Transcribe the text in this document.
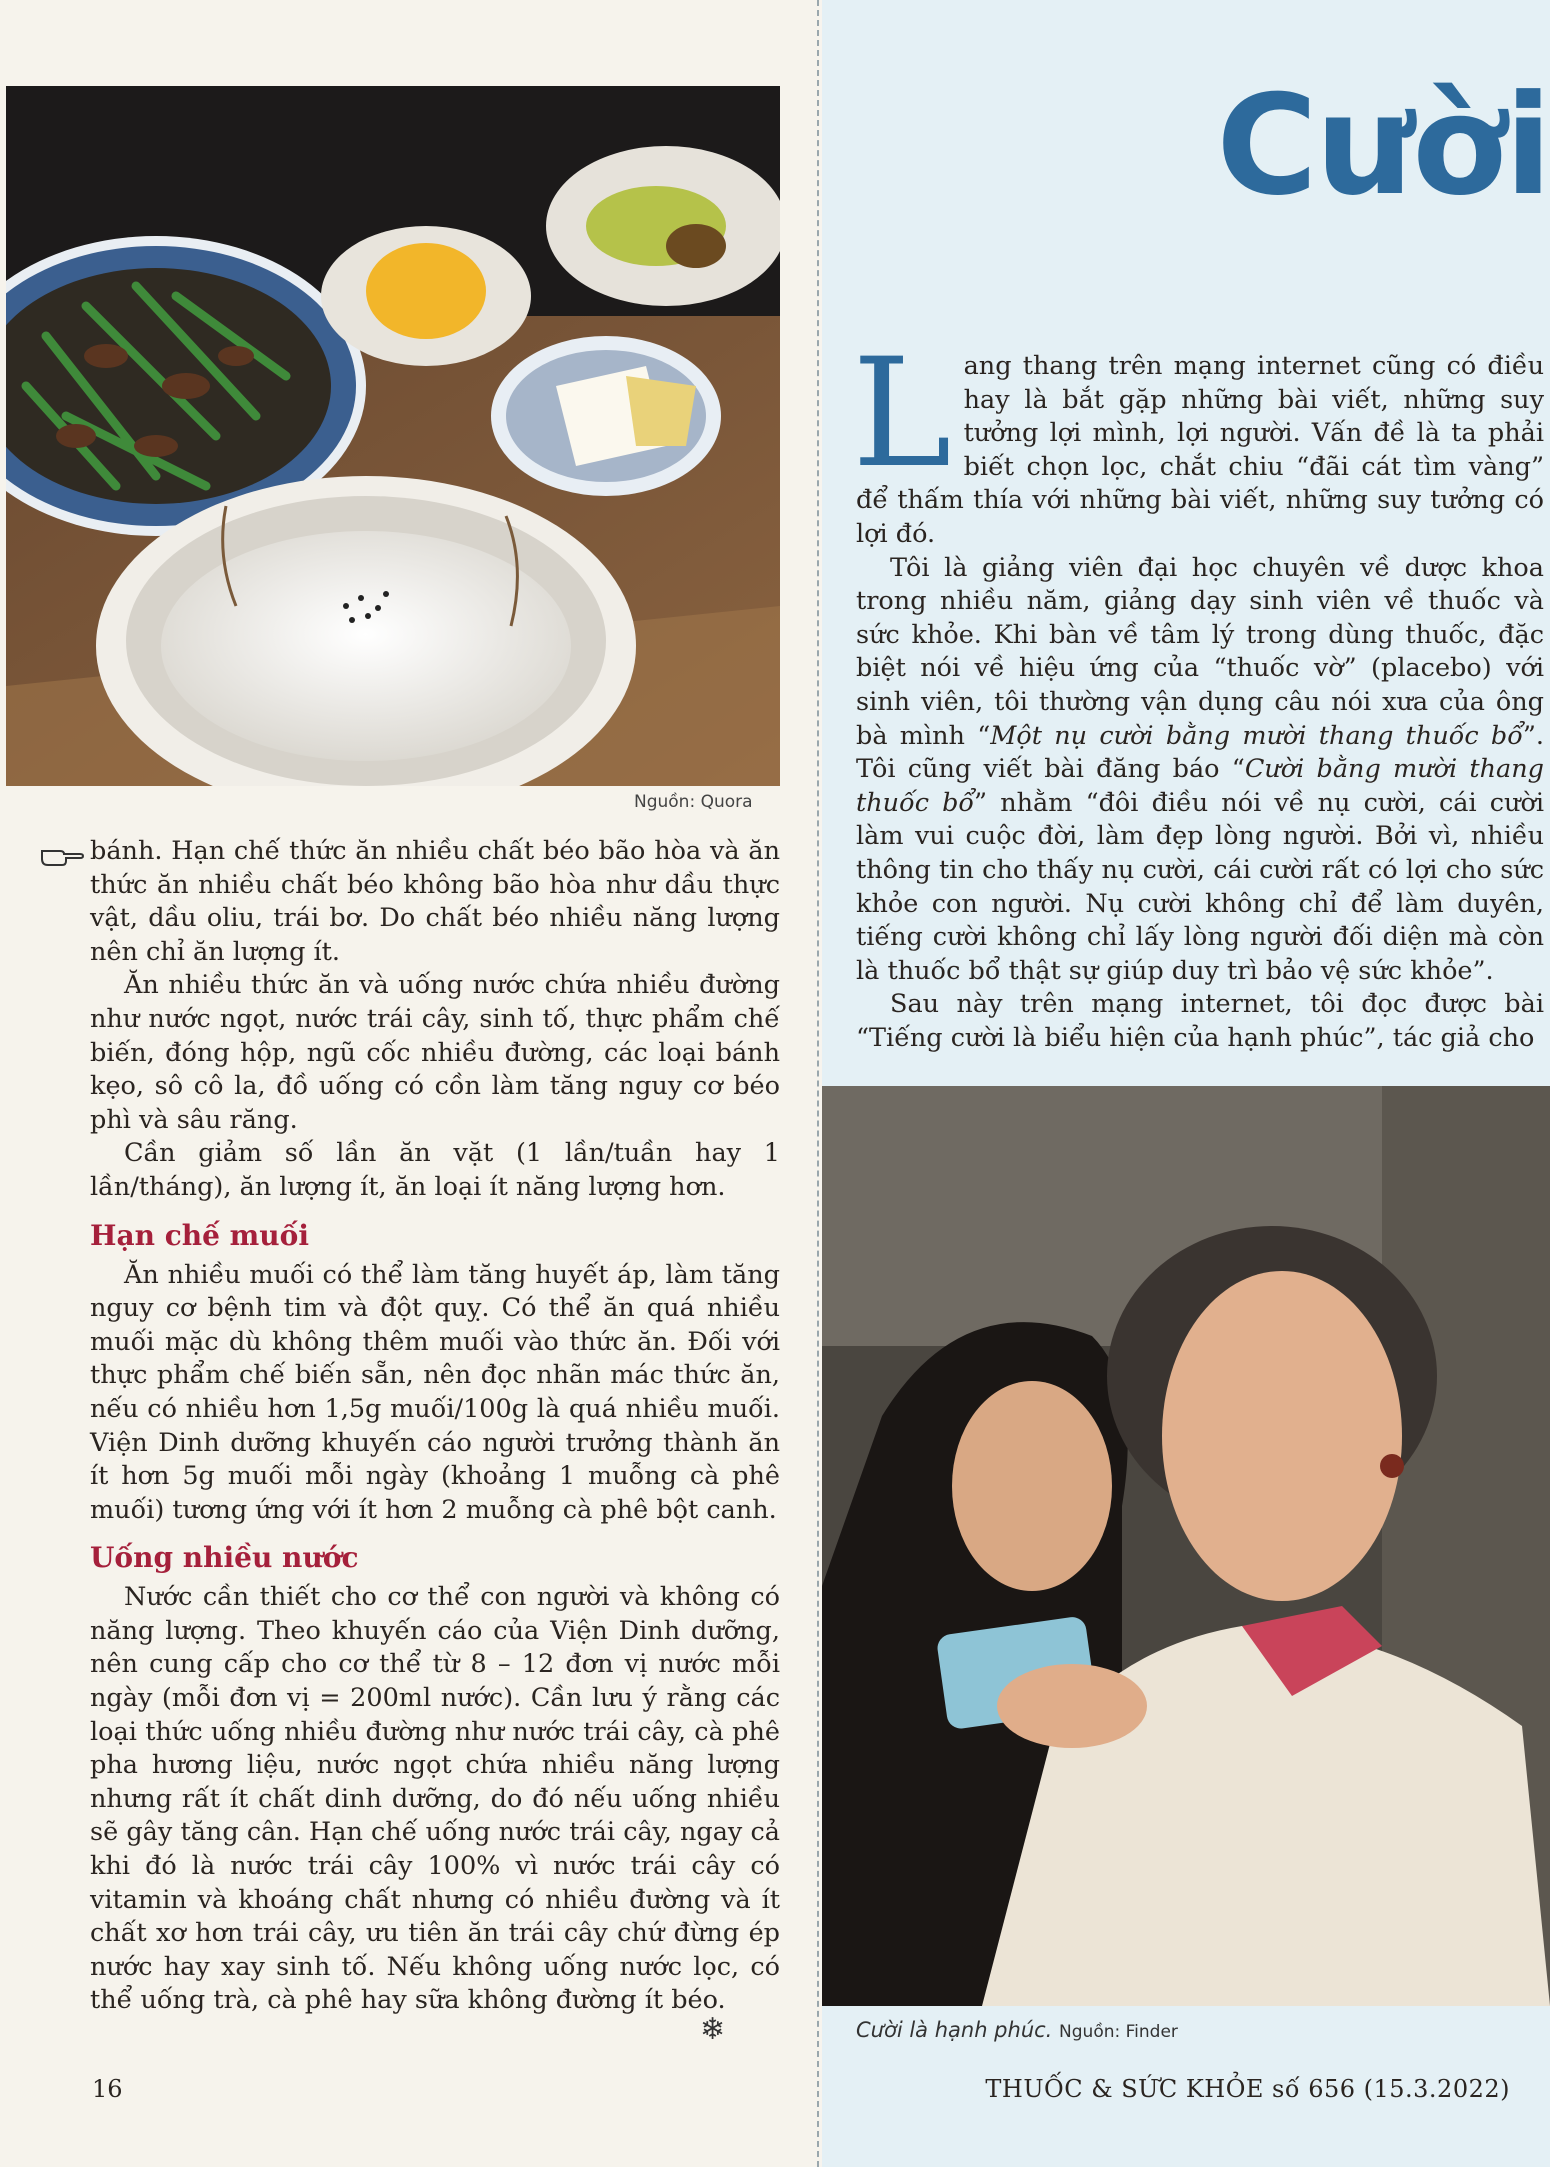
Nguồn: Quora

bánh. Hạn chế thức ăn nhiều chất béo bão hòa và ăn thức ăn nhiều chất béo không bão hòa như dầu thực vật, dầu oliu, trái bơ. Do chất béo nhiều năng lượng nên chỉ ăn lượng ít.

Ăn nhiều thức ăn và uống nước chứa nhiều đường như nước ngọt, nước trái cây, sinh tố, thực phẩm chế biến, đóng hộp, ngũ cốc nhiều đường, các loại bánh kẹo, sô cô la, đồ uống có cồn làm tăng nguy cơ béo phì và sâu răng.

Cần giảm số lần ăn vặt (1 lần/tuần hay 1 lần/tháng), ăn lượng ít, ăn loại ít năng lượng hơn.

Hạn chế muối

Ăn nhiều muối có thể làm tăng huyết áp, làm tăng nguy cơ bệnh tim và đột quỵ. Có thể ăn quá nhiều muối mặc dù không thêm muối vào thức ăn. Đối với thực phẩm chế biến sẵn, nên đọc nhãn mác thức ăn, nếu có nhiều hơn 1,5g muối/100g là quá nhiều muối. Viện Dinh dưỡng khuyến cáo người trưởng thành ăn ít hơn 5g muối mỗi ngày (khoảng 1 muỗng cà phê muối) tương ứng với ít hơn 2 muỗng cà phê bột canh.

Uống nhiều nước

Nước cần thiết cho cơ thể con người và không có năng lượng. Theo khuyến cáo của Viện Dinh dưỡng, nên cung cấp cho cơ thể từ 8 – 12 đơn vị nước mỗi ngày (mỗi đơn vị = 200ml nước). Cần lưu ý rằng các loại thức uống nhiều đường như nước trái cây, cà phê pha hương liệu, nước ngọt chứa nhiều năng lượng nhưng rất ít chất dinh dưỡng, do đó nếu uống nhiều sẽ gây tăng cân. Hạn chế uống nước trái cây, ngay cả khi đó là nước trái cây 100% vì nước trái cây có vitamin và khoáng chất nhưng có nhiều đường và ít chất xơ hơn trái cây, ưu tiên ăn trái cây chứ đừng ép nước hay xay sinh tố. Nếu không uống nước lọc, có thể uống trà, cà phê hay sữa không đường ít béo.

❄
16
Cười

Lang thang trên mạng internet cũng có điều hay là bắt gặp những bài viết, những suy tưởng lợi mình, lợi người. Vấn đề là ta phải biết chọn lọc, chắt chiu “đãi cát tìm vàng” để thấm thía với những bài viết, những suy tưởng có lợi đó.

Tôi là giảng viên đại học chuyên về dược khoa trong nhiều năm, giảng dạy sinh viên về thuốc và sức khỏe. Khi bàn về tâm lý trong dùng thuốc, đặc biệt nói về hiệu ứng của “thuốc vờ” (placebo) với sinh viên, tôi thường vận dụng câu nói xưa của ông bà mình “Một nụ cười bằng mười thang thuốc bổ”. Tôi cũng viết bài đăng báo “Cười bằng mười thang thuốc bổ” nhằm “đôi điều nói về nụ cười, cái cười làm vui cuộc đời, làm đẹp lòng người. Bởi vì, nhiều thông tin cho thấy nụ cười, cái cười rất có lợi cho sức khỏe con người. Nụ cười không chỉ để làm duyên, tiếng cười không chỉ lấy lòng người đối diện mà còn là thuốc bổ thật sự giúp duy trì bảo vệ sức khỏe”.

Sau này trên mạng internet, tôi đọc được bài “Tiếng cười là biểu hiện của hạnh phúc”, tác giả cho

Cười là hạnh phúc. Nguồn: Finder
THUỐC & SỨC KHỎE số 656 (15.3.2022)
